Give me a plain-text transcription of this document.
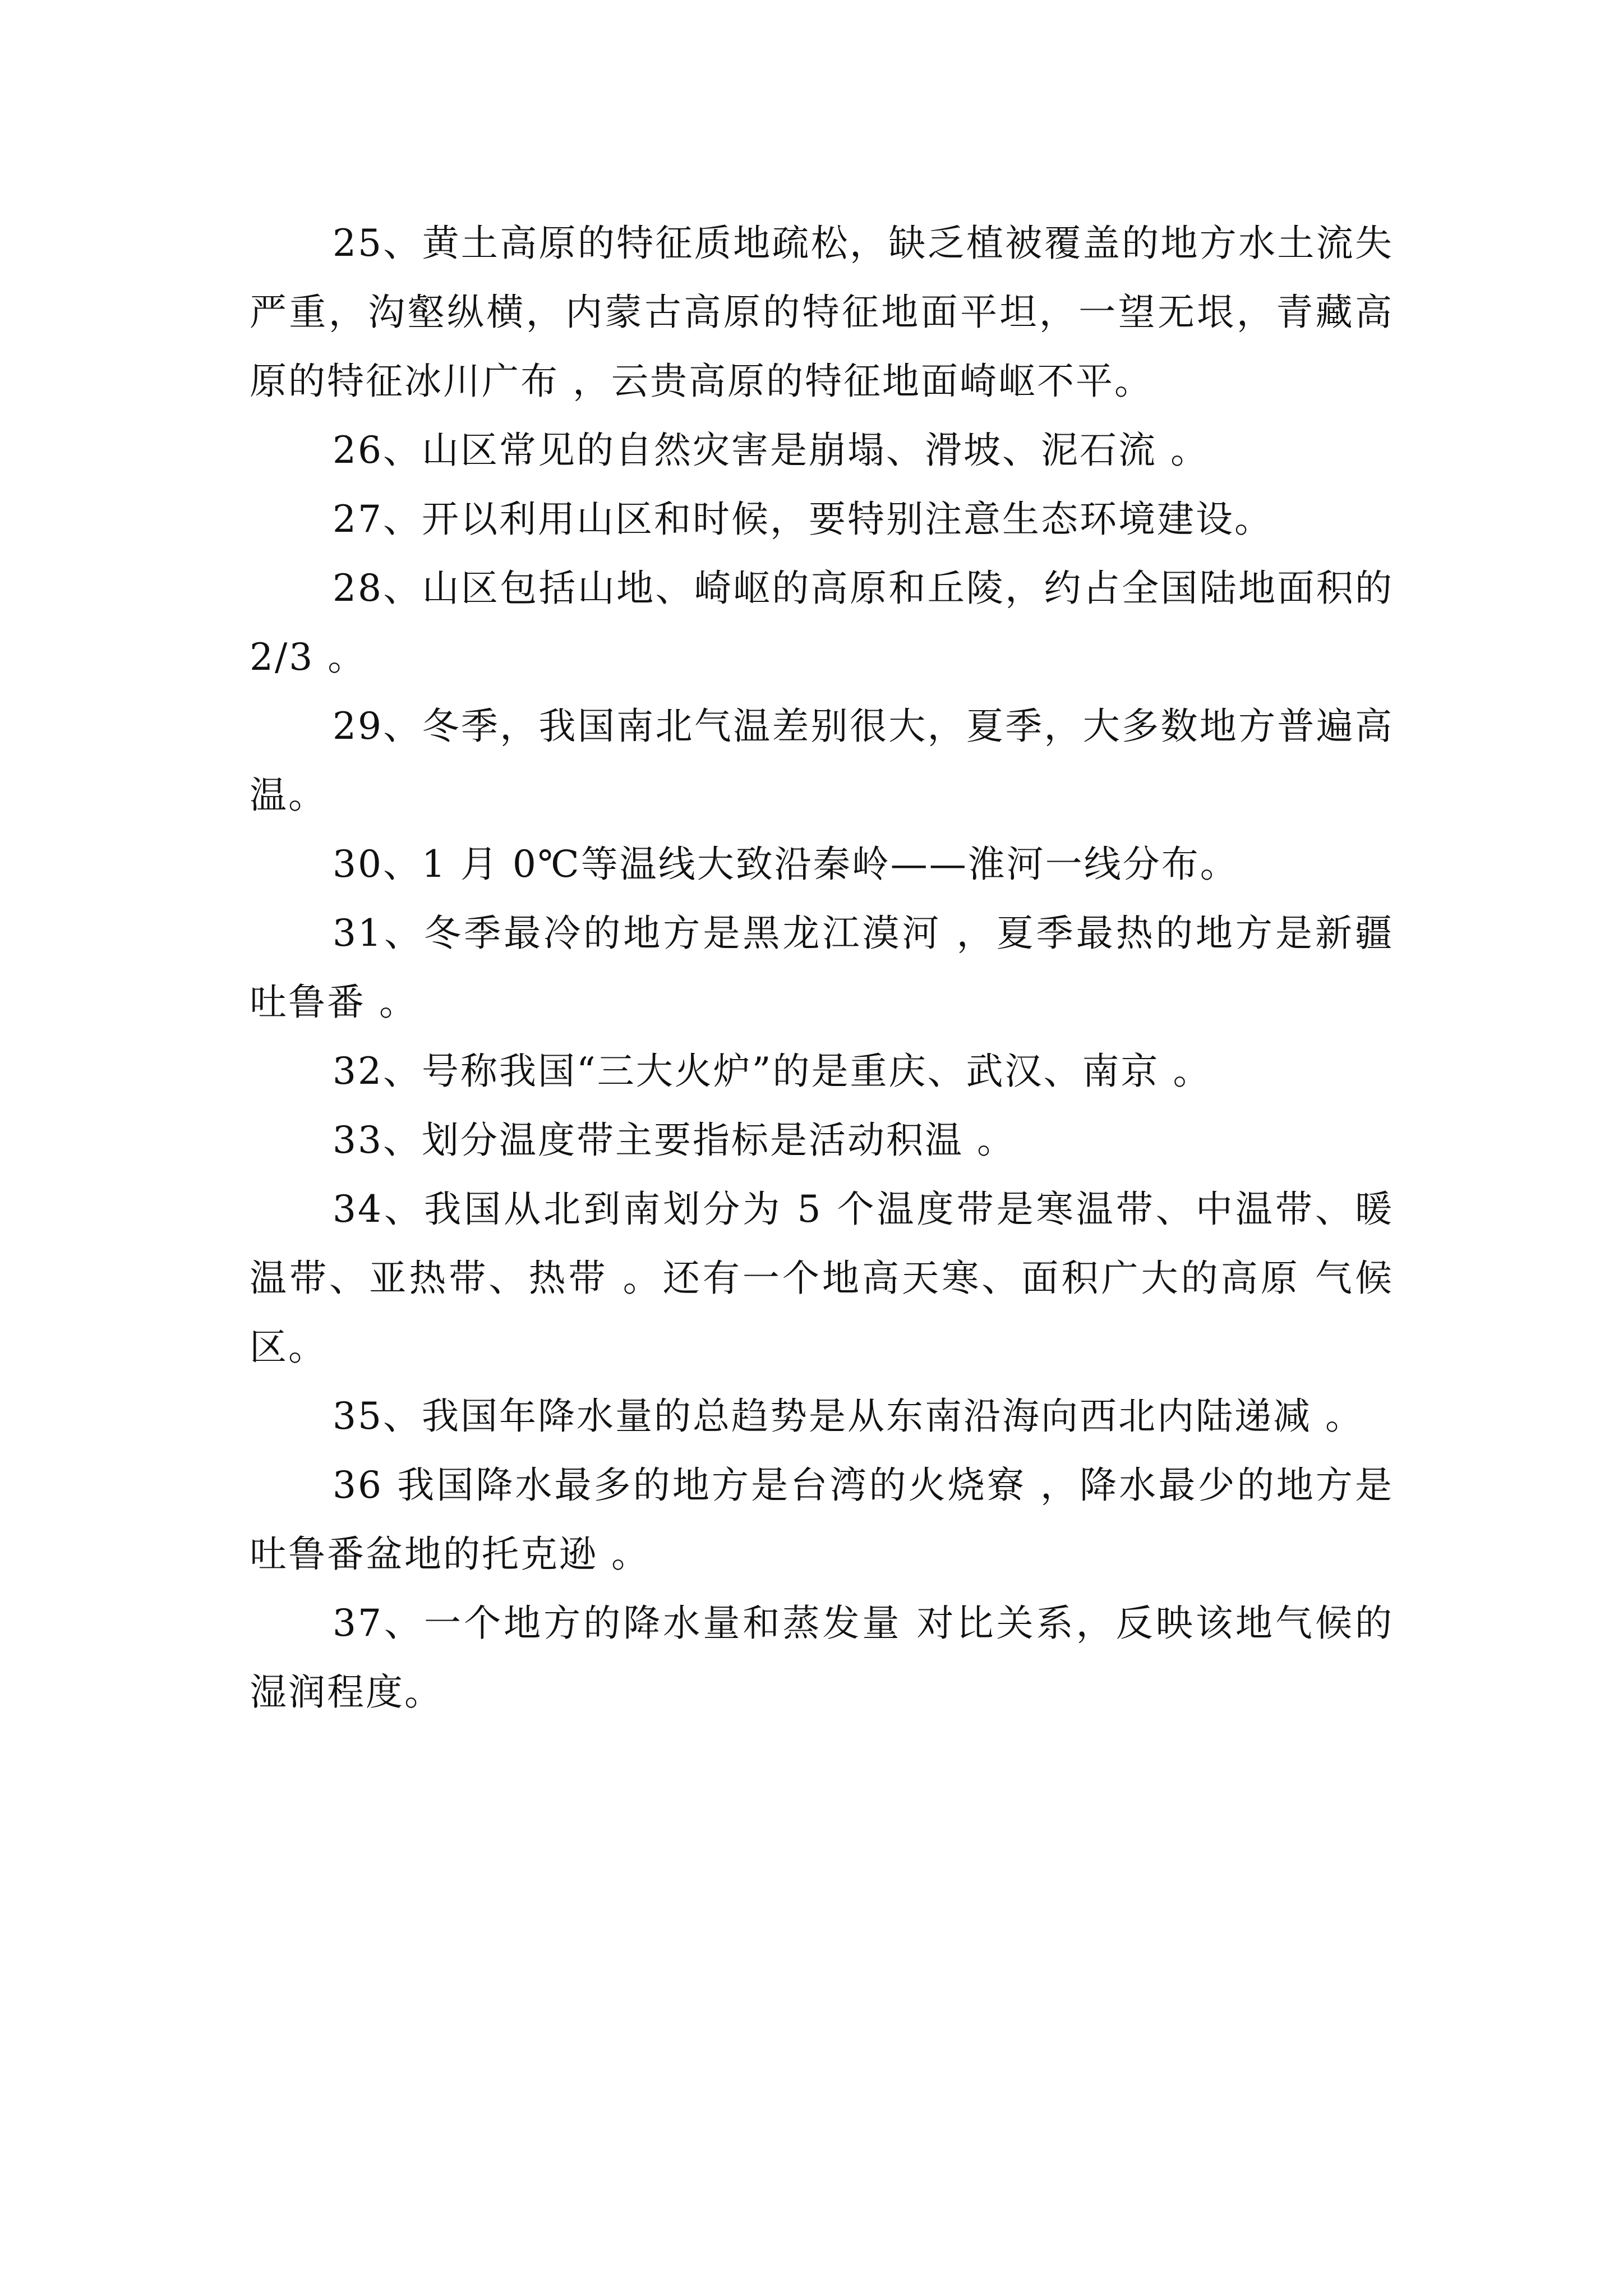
25、黄土高原的特征质地疏松，缺乏植被覆盖的地方水土流失严重，沟壑纵横，内蒙古高原的特征地面平坦，一望无垠，青藏高原的特征冰川广布 ，云贵高原的特征地面崎岖不平。

26、山区常见的自然灾害是崩塌、滑坡、泥石流 。

27、开以利用山区和时候，要特别注意生态环境建设。

28、山区包括山地、崎岖的高原和丘陵，约占全国陆地面积的 2/3 。

29、冬季，我国南北气温差别很大，夏季，大多数地方普遍高温。

30、1 月 0℃等温线大致沿秦岭——淮河一线分布。

31、冬季最冷的地方是黑龙江漠河 ，夏季最热的地方是新疆吐鲁番 。

32、号称我国“三大火炉”的是重庆、武汉、南京 。

33、划分温度带主要指标是活动积温 。

34、我国从北到南划分为 5 个温度带是寒温带、中温带、暖温带、亚热带、热带 。还有一个地高天寒、面积广大的高原 气候区。

35、我国年降水量的总趋势是从东南沿海向西北内陆递减 。

36 我国降水最多的地方是台湾的火烧寮 ，降水最少的地方是吐鲁番盆地的托克逊 。

37、一个地方的降水量和蒸发量 对比关系，反映该地气候的湿润程度。
